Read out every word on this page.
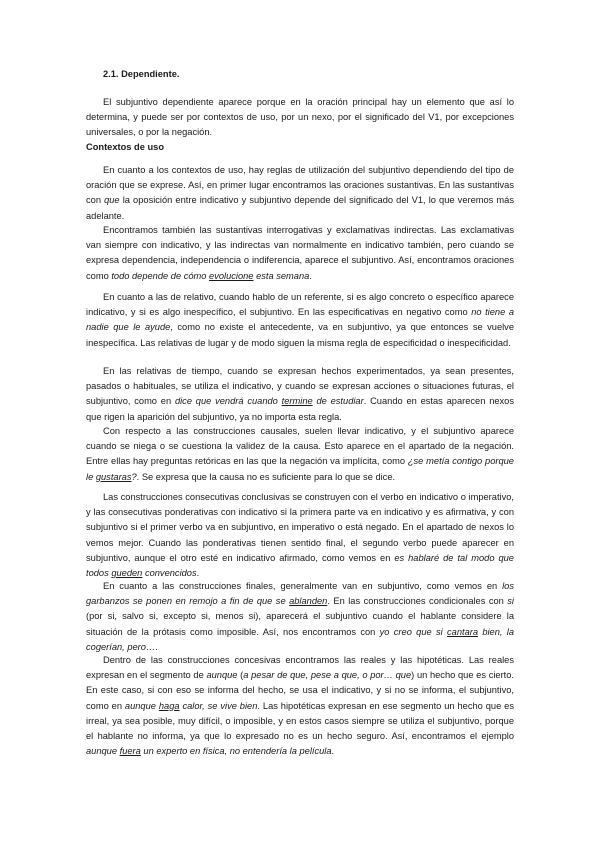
2.1. Dependiente.

El subjuntivo dependiente aparece porque en la oración principal hay un elemento que así lo determina, y puede ser por contextos de uso, por un nexo, por el significado del V1, por excepciones universales, o por la negación.

Contextos de uso

En cuanto a los contextos de uso, hay reglas de utilización del subjuntivo dependiendo del tipo de oración que se exprese. Así, en primer lugar encontramos las oraciones sustantivas. En las sustantivas con que la oposición entre indicativo y subjuntivo depende del significado del V1, lo que veremos más adelante.

Encontramos también las sustantivas interrogativas y exclamativas indirectas. Las exclamativas van siempre con indicativo, y las indirectas van normalmente en indicativo también, pero cuando se expresa dependencia, independencia o indiferencia, aparece el subjuntivo. Así, encontramos oraciones como todo depende de cómo evolucione esta semana.

En cuanto a las de relativo, cuando hablo de un referente, si es algo concreto o específico aparece indicativo, y si es algo inespecífico, el subjuntivo. En las especificativas en negativo como no tiene a nadie que le ayude, como no existe el antecedente, va en subjuntivo, ya que entonces se vuelve inespecífica. Las relativas de lugar y de modo siguen la misma regla de especificidad o inespecificidad.

En las relativas de tiempo, cuando se expresan hechos experimentados, ya sean presentes, pasados o habituales, se utiliza el indicativo, y cuando se expresan acciones o situaciones futuras, el subjuntivo, como en dice que vendrá cuando termine de estudiar. Cuando en estas aparecen nexos que rigen la aparición del subjuntivo, ya no importa esta regla.

Con respecto a las construcciones causales, suelen llevar indicativo, y el subjuntivo aparece cuando se niega o se cuestiona la validez de la causa. Esto aparece en el apartado de la negación. Entre ellas hay preguntas retóricas en las que la negación va implícita, como ¿se metía contigo porque le gustaras?. Se expresa que la causa no es suficiente para lo que se dice.

Las construcciones consecutivas conclusivas se construyen con el verbo en indicativo o imperativo, y las consecutivas ponderativas con indicativo si la primera parte va en indicativo y es afirmativa, y con subjuntivo si el primer verbo va en subjuntivo, en imperativo o está negado. En el apartado de nexos lo vemos mejor. Cuando las ponderativas tienen sentido final, el segundo verbo puede aparecer en subjuntivo, aunque el otro esté en indicativo afirmado, como vemos en es hablaré de tal modo que todos queden convencidos.

En cuanto a las construcciones finales, generalmente van en subjuntivo, como vemos en los garbanzos se ponen en remojo a fin de que se ablanden. En las construcciones condicionales con si (por si, salvo si, excepto si, menos si), aparecerá el subjuntivo cuando el hablante considere la situación de la prótasis como imposible. Así, nos encontramos con yo creo que si cantara bien, la cogerían, pero….

Dentro de las construcciones concesivas encontramos las reales y las hipotéticas. Las reales expresan en el segmento de aunque (a pesar de que, pese a que, o por… que) un hecho que es cierto. En este caso, si con eso se informa del hecho, se usa el indicativo, y si no se informa, el subjuntivo, como en aunque haga calor, se vive bien. Las hipotéticas expresan en ese segmento un hecho que es irreal, ya sea posible, muy difícil, o imposible, y en estos casos siempre se utiliza el subjuntivo, porque el hablante no informa, ya que lo expresado no es un hecho seguro. Así, encontramos el ejemplo aunque fuera un experto en física, no entendería la película.
